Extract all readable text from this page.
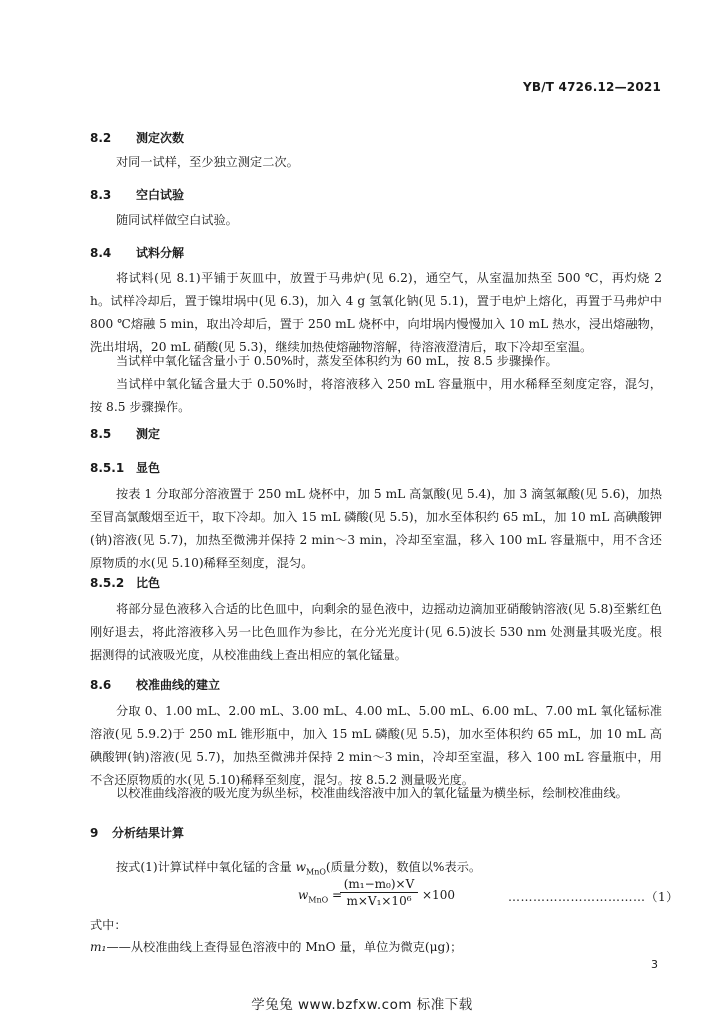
YB/T 4726.12—2021
8.2 测定次数
对同一试样，至少独立测定二次。
8.3 空白试验
随同试样做空白试验。
8.4 试料分解
将试料(见 8.1)平铺于灰皿中，放置于马弗炉(见 6.2)，通空气，从室温加热至 500 ℃，再灼烧 2 h。试样冷却后，置于镍坩埚中(见 6.3)，加入 4 g 氢氧化钠(见 5.1)，置于电炉上熔化，再置于马弗炉中 800 ℃熔融 5 min，取出冷却后，置于 250 mL 烧杯中，向坩埚内慢慢加入 10 mL 热水，浸出熔融物，洗出坩埚，20 mL 硝酸(见 5.3)，继续加热使熔融物溶解，待溶液澄清后，取下冷却至室温。
当试样中氧化锰含量小于 0.50%时，蒸发至体积约为 60 mL，按 8.5 步骤操作。
当试样中氧化锰含量大于 0.50%时，将溶液移入 250 mL 容量瓶中，用水稀释至刻度定容，混匀，按 8.5 步骤操作。
8.5 测定
8.5.1 显色
按表 1 分取部分溶液置于 250 mL 烧杯中，加 5 mL 高氯酸(见 5.4)，加 3 滴氢氟酸(见 5.6)，加热至冒高氯酸烟至近干，取下冷却。加入 15 mL 磷酸(见 5.5)，加水至体积约 65 mL，加 10 mL 高碘酸钾(钠)溶液(见 5.7)，加热至微沸并保持 2 min～3 min，冷却至室温，移入 100 mL 容量瓶中，用不含还原物质的水(见 5.10)稀释至刻度，混匀。
8.5.2 比色
将部分显色液移入合适的比色皿中，向剩余的显色液中，边摇动边滴加亚硝酸钠溶液(见 5.8)至紫红色刚好退去，将此溶液移入另一比色皿作为参比，在分光光度计(见 6.5)波长 530 nm 处测量其吸光度。根据测得的试液吸光度，从校准曲线上查出相应的氧化锰量。
8.6 校准曲线的建立
分取 0、1.00 mL、2.00 mL、3.00 mL、4.00 mL、5.00 mL、6.00 mL、7.00 mL 氧化锰标准溶液(见 5.9.2)于 250 mL 锥形瓶中，加入 15 mL 磷酸(见 5.5)，加水至体积约 65 mL，加 10 mL 高碘酸钾(钠)溶液(见 5.7)，加热至微沸并保持 2 min～3 min，冷却至室温，移入 100 mL 容量瓶中，用不含还原物质的水(见 5.10)稀释至刻度，混匀。按 8.5.2 测量吸光度。
以校准曲线溶液的吸光度为纵坐标，校准曲线溶液中加入的氧化锰量为横坐标，绘制校准曲线。
9 分析结果计算
按式(1)计算试样中氧化锰的含量 $w_{MnO}$(质量分数)，数值以%表示。
$w_{MnO}$ =
$\frac{\text{(m₁−m₀)×V}}{\text{m×V₁×10⁶}} \times 100$	……………………………（1）
式中：
m₁——从校准曲线上查得显色溶液中的 MnO 量，单位为微克(μg)；
3
学兔兔 www.bzfxw.com 标准下载
